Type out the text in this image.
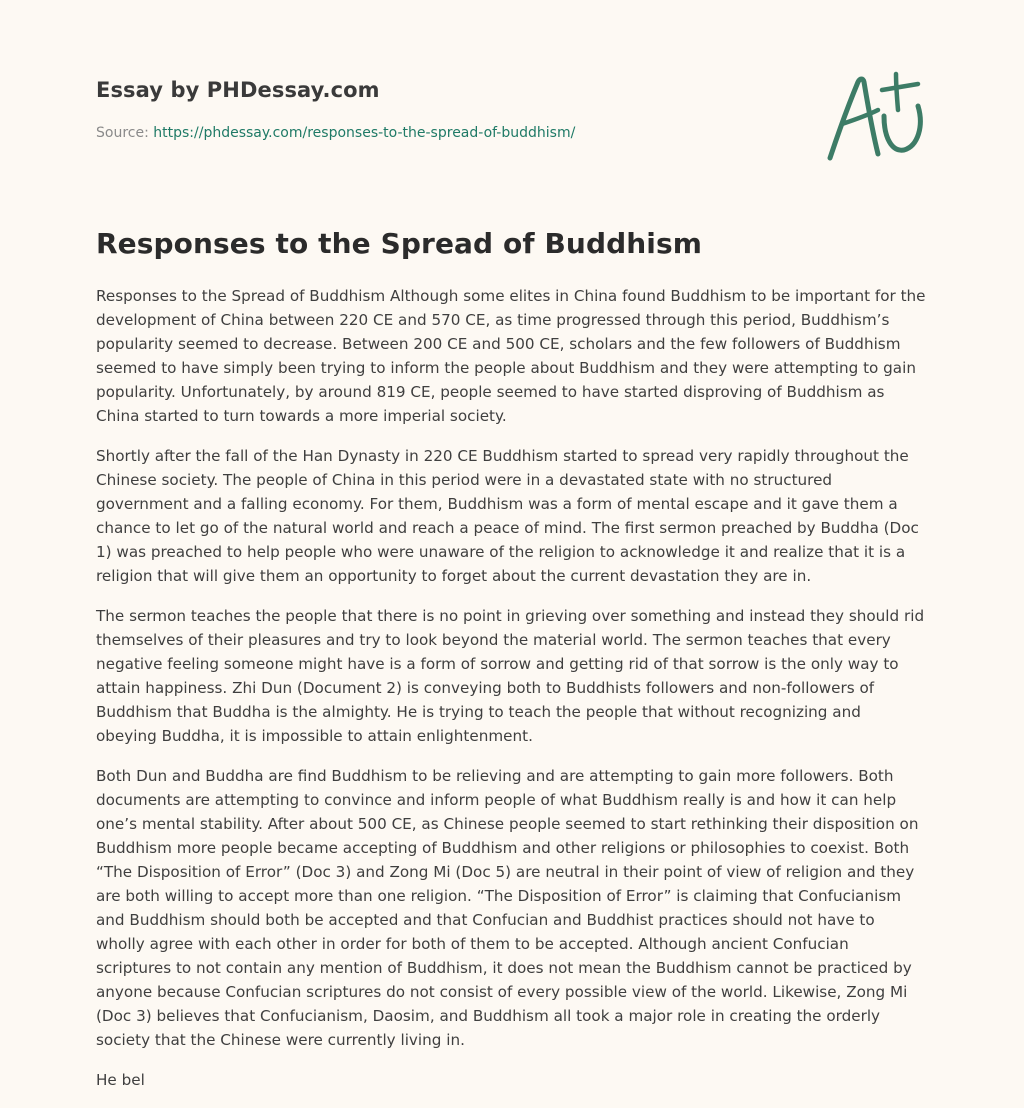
Essay by PHDessay.com
Source: https://phdessay.com/responses-to-the-spread-of-buddhism/
Responses to the Spread of Buddhism

Responses to the Spread of Buddhism Although some elites in China found Buddhism to be important for the development of China between 220 CE and 570 CE, as time progressed through this period, Buddhism’s popularity seemed to decrease. Between 200 CE and 500 CE, scholars and the few followers of Buddhism seemed to have simply been trying to inform the people about Buddhism and they were attempting to gain popularity. Unfortunately, by around 819 CE, people seemed to have started disproving of Buddhism as China started to turn towards a more imperial society.

Shortly after the fall of the Han Dynasty in 220 CE Buddhism started to spread very rapidly throughout the Chinese society. The people of China in this period were in a devastated state with no structured government and a falling economy. For them, Buddhism was a form of mental escape and it gave them a chance to let go of the natural world and reach a peace of mind. The first sermon preached by Buddha (Doc 1) was preached to help people who were unaware of the religion to acknowledge it and realize that it is a religion that will give them an opportunity to forget about the current devastation they are in.

The sermon teaches the people that there is no point in grieving over something and instead they should rid themselves of their pleasures and try to look beyond the material world. The sermon teaches that every negative feeling someone might have is a form of sorrow and getting rid of that sorrow is the only way to attain happiness. Zhi Dun (Document 2) is conveying both to Buddhists followers and non-followers of Buddhism that Buddha is the almighty. He is trying to teach the people that without recognizing and obeying Buddha, it is impossible to attain enlightenment.

Both Dun and Buddha are find Buddhism to be relieving and are attempting to gain more followers. Both documents are attempting to convince and inform people of what Buddhism really is and how it can help one’s mental stability. After about 500 CE, as Chinese people seemed to start rethinking their disposition on Buddhism more people became accepting of Buddhism and other religions or philosophies to coexist. Both “The Disposition of Error” (Doc 3) and Zong Mi (Doc 5) are neutral in their point of view of religion and they are both willing to accept more than one religion. “The Disposition of Error” is claiming that Confucianism and Buddhism should both be accepted and that Confucian and Buddhist practices should not have to wholly agree with each other in order for both of them to be accepted. Although ancient Confucian scriptures to not contain any mention of Buddhism, it does not mean the Buddhism cannot be practiced by anyone because Confucian scriptures do not consist of every possible view of the world. Likewise, Zong Mi (Doc 3) believes that Confucianism, Daosim, and Buddhism all took a major role in creating the orderly society that the Chinese were currently living in.

He bel
